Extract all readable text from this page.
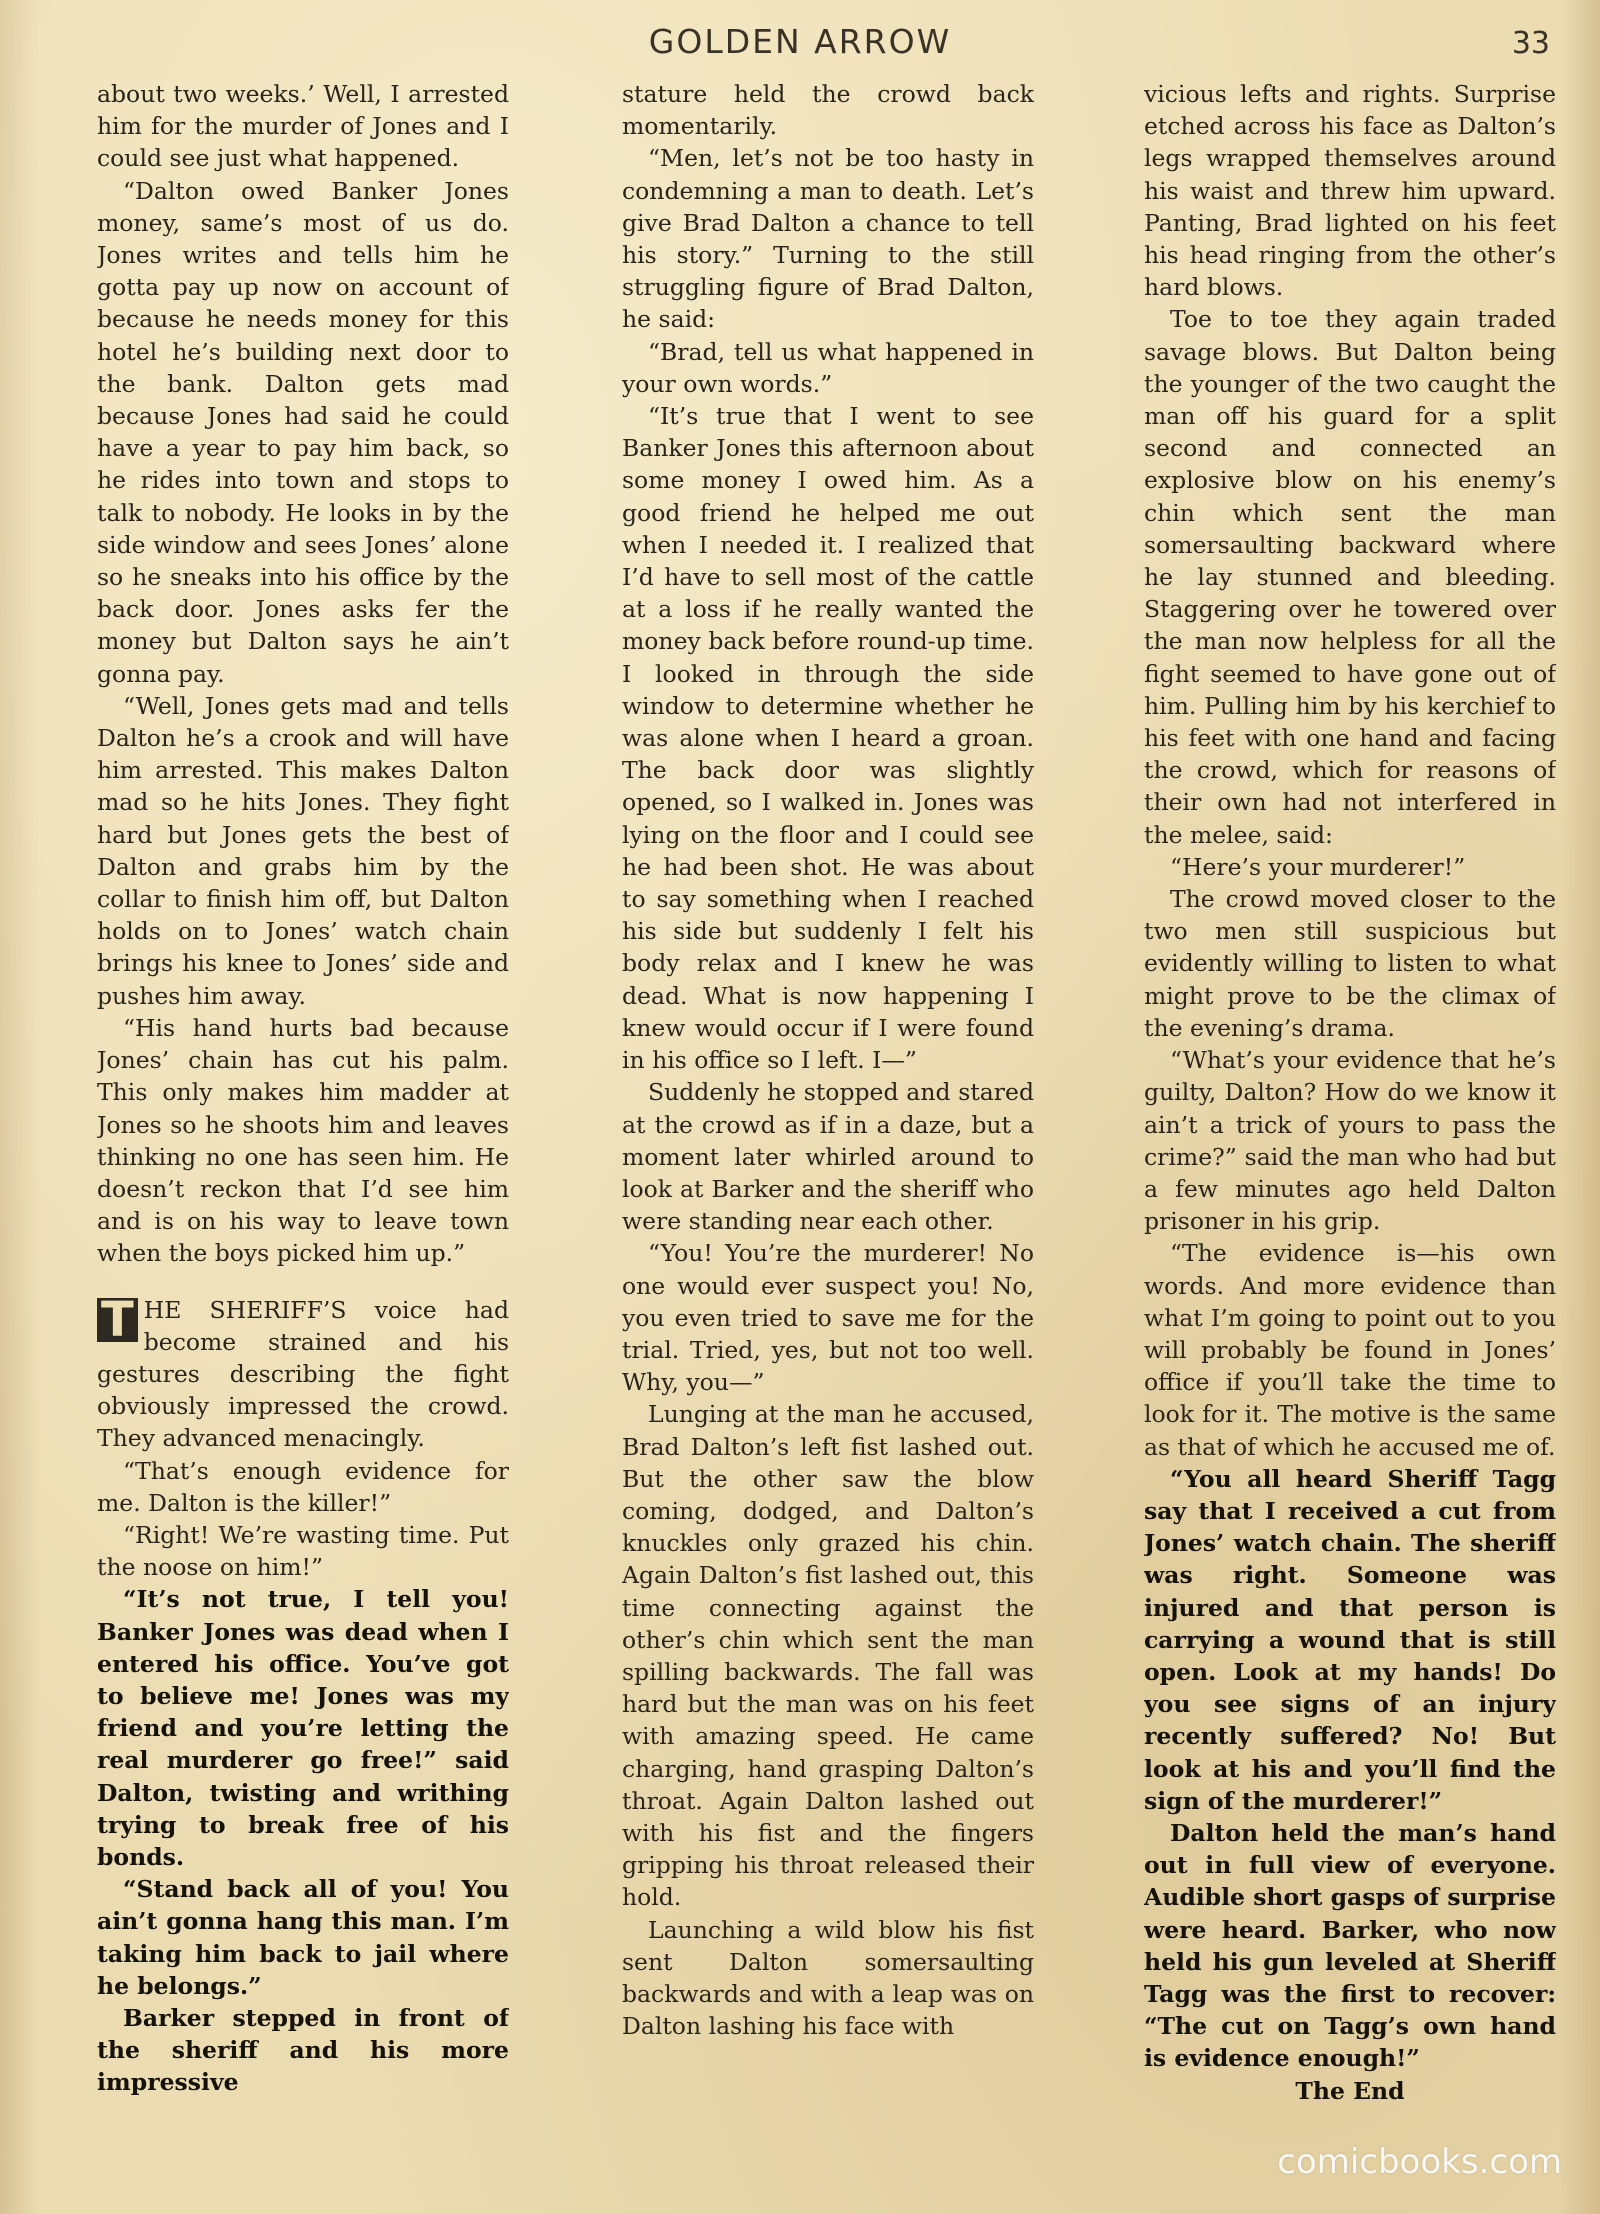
GOLDEN ARROW	33

about two weeks.’ Well, I arrested him for the murder of Jones and I could see just what happened.

“Dalton owed Banker Jones money, same’s most of us do. Jones writes and tells him he gotta pay up now on account of because he needs money for this hotel he’s building next door to the bank. Dalton gets mad because Jones had said he could have a year to pay him back, so he rides into town and stops to talk to nobody. He looks in by the side window and sees Jones’ alone so he sneaks into his office by the back door. Jones asks fer the money but Dalton says he ain’t gonna pay.

“Well, Jones gets mad and tells Dalton he’s a crook and will have him arrested. This makes Dalton mad so he hits Jones. They fight hard but Jones gets the best of Dalton and grabs him by the collar to finish him off, but Dalton holds on to Jones’ watch chain brings his knee to Jones’ side and pushes him away.

“His hand hurts bad because Jones’ chain has cut his palm. This only makes him madder at Jones so he shoots him and leaves thinking no one has seen him. He doesn’t reckon that I’d see him and is on his way to leave town when the boys picked him up.”

T HE SHERIFF’S voice had become strained and his gestures describing the fight obviously impressed the crowd. They advanced menacingly.

“That’s enough evidence for me. Dalton is the killer!”

“Right! We’re wasting time. Put the noose on him!”

“It’s not true, I tell you! Banker Jones was dead when I entered his office. You’ve got to believe me! Jones was my friend and you’re letting the real murderer go free!” said Dalton, twisting and writhing trying to break free of his bonds.

“Stand back all of you! You ain’t gonna hang this man. I’m taking him back to jail where he belongs.”

Barker stepped in front of the sheriff and his more impressive

stature held the crowd back momentarily.

“Men, let’s not be too hasty in condemning a man to death. Let’s give Brad Dalton a chance to tell his story.” Turning to the still struggling figure of Brad Dalton, he said:

“Brad, tell us what happened in your own words.”

“It’s true that I went to see Banker Jones this afternoon about some money I owed him. As a good friend he helped me out when I needed it. I realized that I’d have to sell most of the cattle at a loss if he really wanted the money back before round-up time. I looked in through the side window to determine whether he was alone when I heard a groan. The back door was slightly opened, so I walked in. Jones was lying on the floor and I could see he had been shot. He was about to say something when I reached his side but suddenly I felt his body relax and I knew he was dead. What is now happening I knew would occur if I were found in his office so I left. I—”

Suddenly he stopped and stared at the crowd as if in a daze, but a moment later whirled around to look at Barker and the sheriff who were standing near each other.

“You! You’re the murderer! No one would ever suspect you! No, you even tried to save me for the trial. Tried, yes, but not too well. Why, you—”

Lunging at the man he accused, Brad Dalton’s left fist lashed out. But the other saw the blow coming, dodged, and Dalton’s knuckles only grazed his chin. Again Dalton’s fist lashed out, this time connecting against the other’s chin which sent the man spilling backwards. The fall was hard but the man was on his feet with amazing speed. He came charging, hand grasping Dalton’s throat. Again Dalton lashed out with his fist and the fingers gripping his throat released their hold.

Launching a wild blow his fist sent Dalton somersaulting backwards and with a leap was on Dalton lashing his face with

vicious lefts and rights. Surprise etched across his face as Dalton’s legs wrapped themselves around his waist and threw him upward. Panting, Brad lighted on his feet his head ringing from the other’s hard blows.

Toe to toe they again traded savage blows. But Dalton being the younger of the two caught the man off his guard for a split second and connected an explosive blow on his enemy’s chin which sent the man somersaulting backward where he lay stunned and bleeding. Staggering over he towered over the man now helpless for all the fight seemed to have gone out of him. Pulling him by his kerchief to his feet with one hand and facing the crowd, which for reasons of their own had not interfered in the melee, said:

“Here’s your murderer!”

The crowd moved closer to the two men still suspicious but evidently willing to listen to what might prove to be the climax of the evening’s drama.

“What’s your evidence that he’s guilty, Dalton? How do we know it ain’t a trick of yours to pass the crime?” said the man who had but a few minutes ago held Dalton prisoner in his grip.

“The evidence is—his own words. And more evidence than what I’m going to point out to you will probably be found in Jones’ office if you’ll take the time to look for it. The motive is the same as that of which he accused me of.

“You all heard Sheriff Tagg say that I received a cut from Jones’ watch chain. The sheriff was right. Someone was injured and that person is carrying a wound that is still open. Look at my hands! Do you see signs of an injury recently suffered? No! But look at his and you’ll find the sign of the murderer!”

Dalton held the man’s hand out in full view of everyone. Audible short gasps of surprise were heard. Barker, who now held his gun leveled at Sheriff Tagg was the first to recover: “The cut on Tagg’s own hand is evidence enough!”

The End

comicbooks.com
